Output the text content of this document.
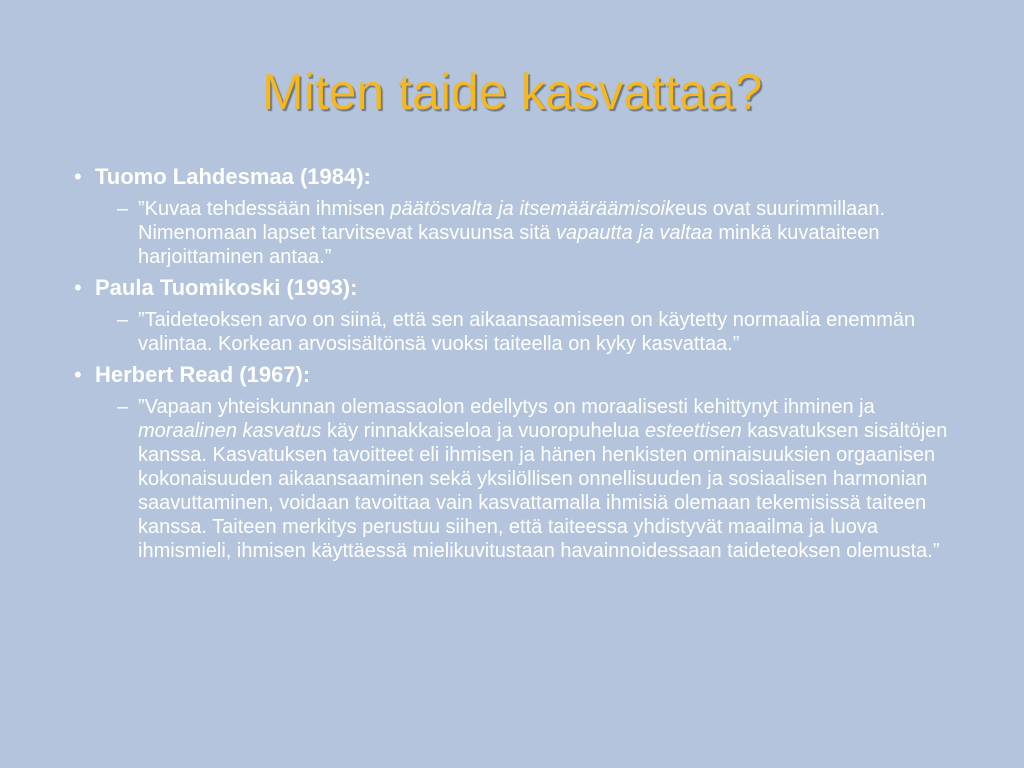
Miten taide kasvattaa?
• Tuomo Lahdesmaa (1984):
– ”Kuvaa tehdessään ihmisen päätösvalta ja itsemääräämisoikeus ovat suurimmillaan. Nimenomaan lapset tarvitsevat kasvuunsa sitä vapautta ja valtaa minkä kuvataiteen harjoittaminen antaa.”
• Paula Tuomikoski (1993):
– ”Taideteoksen arvo on siinä, että sen aikaansaamiseen on käytetty normaalia enemmän valintaa. Korkean arvosisältönsä vuoksi taiteella on kyky kasvattaa.”
• Herbert Read (1967):
– ”Vapaan yhteiskunnan olemassaolon edellytys on moraalisesti kehittynyt ihminen ja moraalinen kasvatus käy rinnakkaiseloa ja vuoropuhelua esteettisen kasvatuksen sisältöjen kanssa. Kasvatuksen tavoitteet eli ihmisen ja hänen henkisten ominaisuuksien orgaanisen kokonaisuuden aikaansaaminen sekä yksilöllisen onnellisuuden ja sosiaalisen harmonian saavuttaminen, voidaan tavoittaa vain kasvattamalla ihmisiä olemaan tekemisissä taiteen kanssa. Taiteen merkitys perustuu siihen, että taiteessa yhdistyvät maailma ja luova ihmismieli, ihmisen käyttäessä mielikuvitustaan havainnoidessaan taideteoksen olemusta.”
